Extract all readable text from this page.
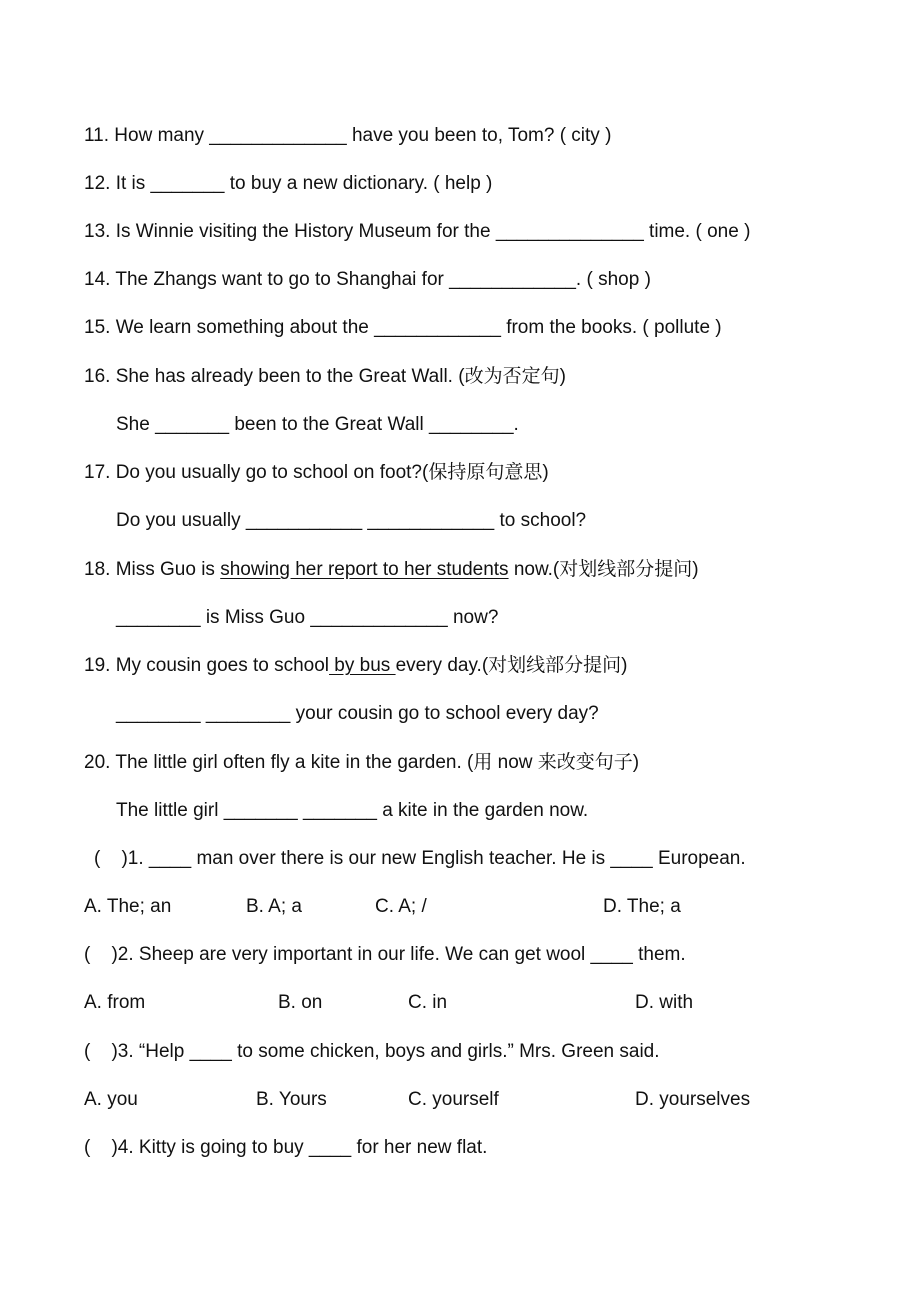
11. How many _____________ have you been to, Tom? ( city )
12. It is _______ to buy a new dictionary. ( help )
13. Is Winnie visiting the History Museum for the ______________ time. ( one )
14. The Zhangs want to go to Shanghai for ____________. ( shop )
15. We learn something about the ____________ from the books. ( pollute )
16. She has already been to the Great Wall. (改为否定句)
She _______ been to the Great Wall ________.
17. Do you usually go to school on foot?(保持原句意思)
Do you usually ___________ ____________ to school?
18. Miss Guo is showing her report to her students now.(对划线部分提问)
________ is Miss Guo _____________ now?
19. My cousin goes to school by bus every day.(对划线部分提问)
________ ________ your cousin go to school every day?
20. The little girl often fly a kite in the garden. (用 now 来改变句子)
The little girl _______ _______ a kite in the garden now.
(    )1. ____ man over there is our new English teacher. He is ____ European.
A. The; an	B. A; a	C. A; /	D. The; a
(    )2. Sheep are very important in our life. We can get wool ____ them.
A. from	B. on	C. in	D. with
(    )3. “Help ____ to some chicken, boys and girls.” Mrs. Green said.
A. you	B. Yours	C. yourself	D. yourselves
(    )4. Kitty is going to buy ____ for her new flat.
